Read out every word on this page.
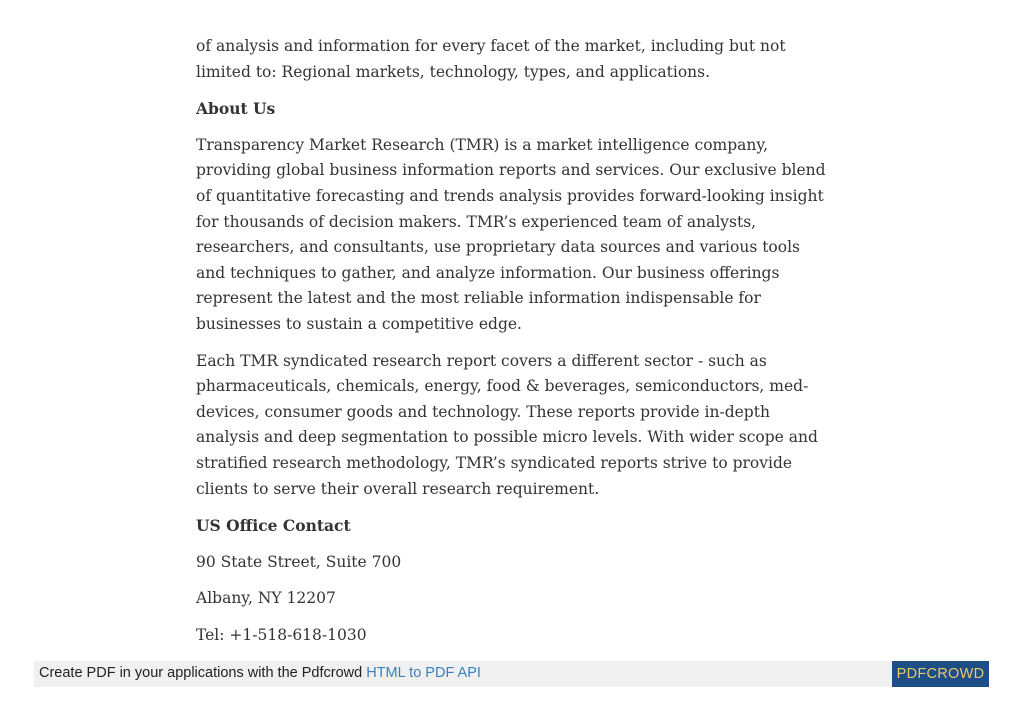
of analysis and information for every facet of the market, including but not limited to: Regional markets, technology, types, and applications.

About Us

Transparency Market Research (TMR) is a market intelligence company, providing global business information reports and services. Our exclusive blend of quantitative forecasting and trends analysis provides forward-looking insight for thousands of decision makers. TMR’s experienced team of analysts, researchers, and consultants, use proprietary data sources and various tools and techniques to gather, and analyze information. Our business offerings represent the latest and the most reliable information indispensable for businesses to sustain a competitive edge.

Each TMR syndicated research report covers a different sector - such as pharmaceuticals, chemicals, energy, food & beverages, semiconductors, med-devices, consumer goods and technology. These reports provide in-depth analysis and deep segmentation to possible micro levels. With wider scope and stratified research methodology, TMR’s syndicated reports strive to provide clients to serve their overall research requirement.

US Office Contact

90 State Street, Suite 700

Albany, NY 12207

Tel: +1-518-618-1030

Create PDF in your applications with the Pdfcrowd HTML to PDF API	PDFCROWD
